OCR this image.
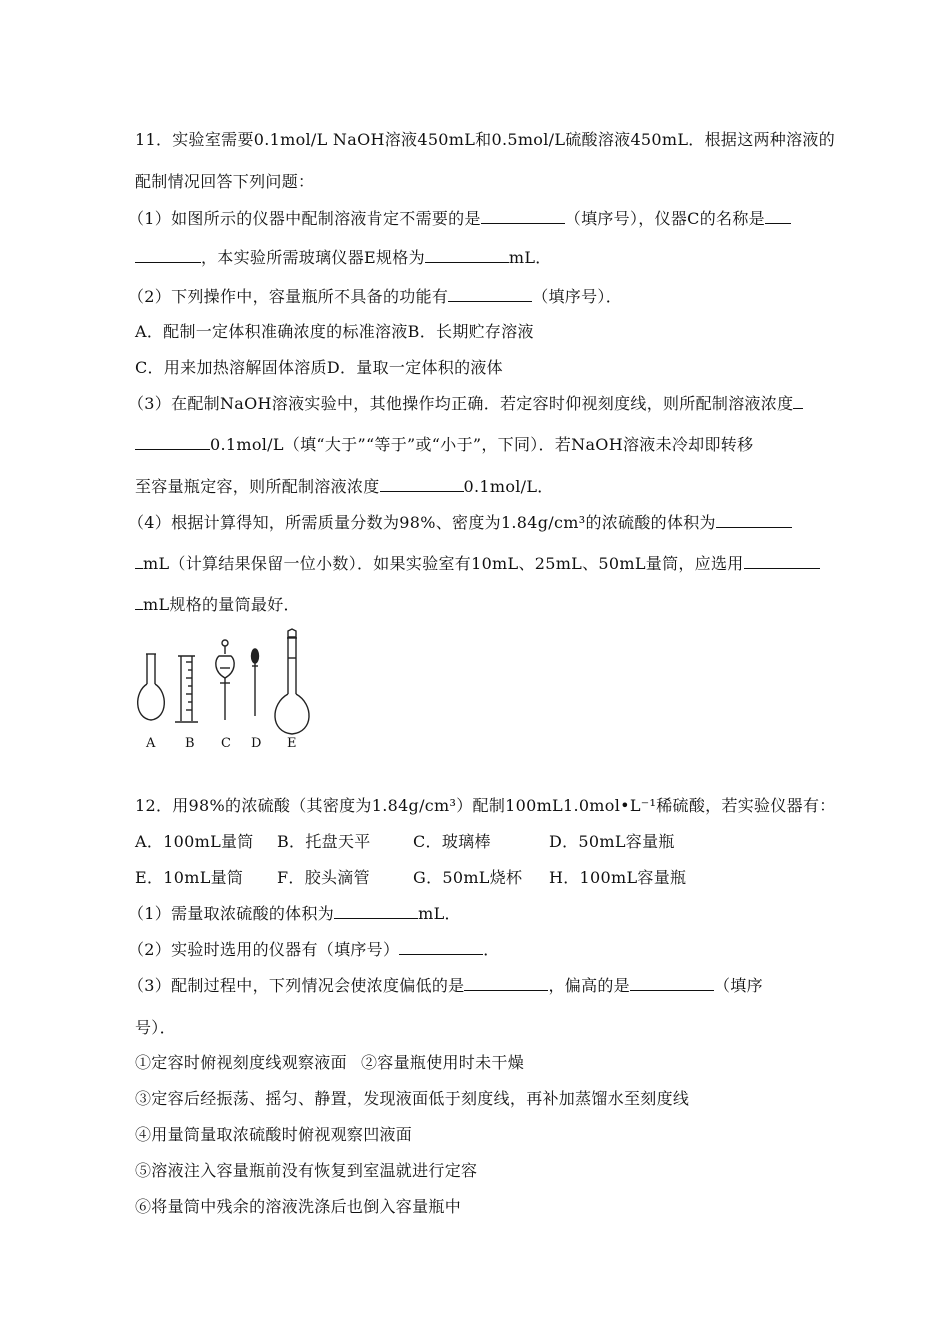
11．实验室需要0.1mol/L NaOH溶液450mL和0.5mol/L硫酸溶液450mL．根据这两种溶液的
配制情况回答下列问题：
（1）如图所示的仪器中配制溶液肯定不需要的是	（填序号），仪器C的名称是
，本实验所需玻璃仪器E规格为	mL．
（2）下列操作中，容量瓶所不具备的功能有	（填序号）．
A．配制一定体积准确浓度的标准溶液B．长期贮存溶液
C．用来加热溶解固体溶质D．量取一定体积的液体
（3）在配制NaOH溶液实验中，其他操作均正确．若定容时仰视刻度线，则所配制溶液浓度
0.1mol/L（填“大于”“等于”或“小于”，下同）．若NaOH溶液未冷却即转移
至容量瓶定容，则所配制溶液浓度	0.1mol/L．
（4）根据计算得知，所需质量分数为98%、密度为1.84g/cm³的浓硫酸的体积为
mL（计算结果保留一位小数）．如果实验室有10mL、25mL、50mL量筒，应选用
mL规格的量筒最好．
A B C D E
12．用98%的浓硫酸（其密度为1.84g/cm³）配制100mL1.0mol•L⁻¹稀硫酸，若实验仪器有：
A．100mL量筒 B．托盘天平	C．玻璃棒	D．50mL容量瓶
E．10mL量筒 F．胶头滴管	G．50mL烧杯 H．100mL容量瓶
（1）需量取浓硫酸的体积为	mL．
（2）实验时选用的仪器有（填序号）	．
（3）配制过程中，下列情况会使浓度偏低的是	，偏高的是	（填序
号）．
①定容时俯视刻度线观察液面 ②容量瓶使用时未干燥
③定容后经振荡、摇匀、静置，发现液面低于刻度线，再补加蒸馏水至刻度线
④用量筒量取浓硫酸时俯视观察凹液面
⑤溶液注入容量瓶前没有恢复到室温就进行定容
⑥将量筒中残余的溶液洗涤后也倒入容量瓶中
